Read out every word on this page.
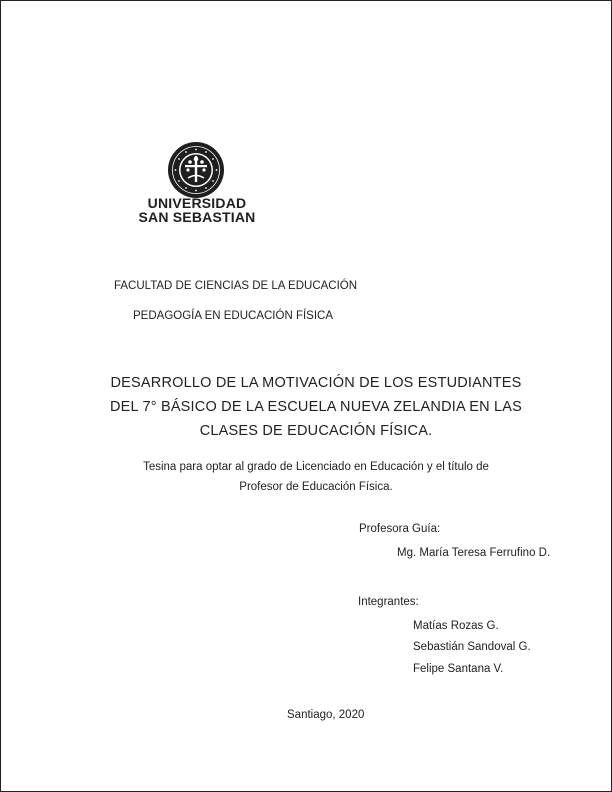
UNIVERSIDAD
SAN SEBASTIAN
FACULTAD DE CIENCIAS DE LA EDUCACIÓN
PEDAGOGÍA EN EDUCACIÓN FÍSICA
DESARROLLO DE LA MOTIVACIÓN DE LOS ESTUDIANTES
DEL 7° BÁSICO DE LA ESCUELA NUEVA ZELANDIA EN LAS
CLASES DE EDUCACIÓN FÍSICA.
Tesina para optar al grado de Licenciado en Educación y el título de
Profesor de Educación Física.
Profesora Guía:
Mg. María Teresa Ferrufino D.
Integrantes:
Matías Rozas G.
Sebastián Sandoval G.
Felipe Santana V.
Santiago, 2020
